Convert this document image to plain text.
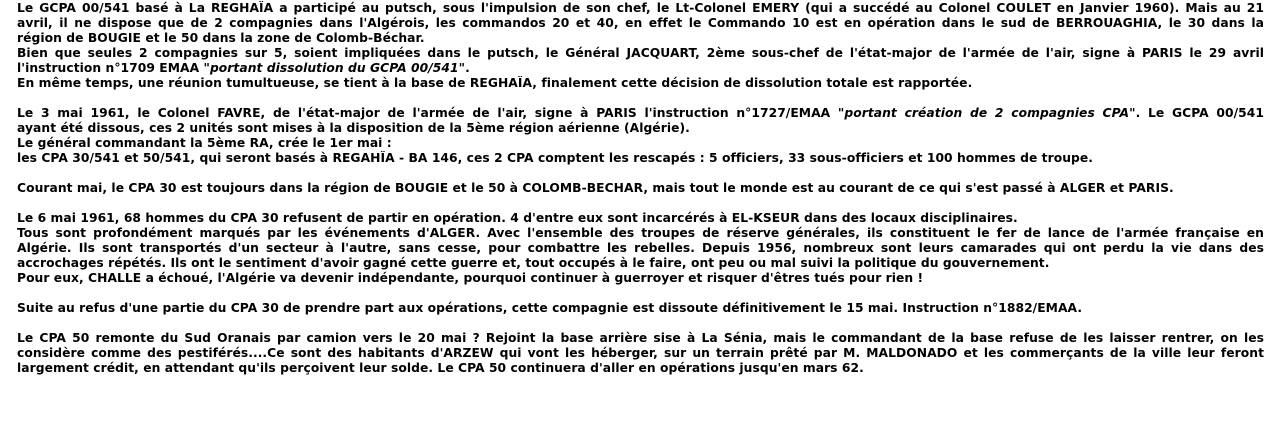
Le GCPA 00/541 basé à La REGHAÏA a participé au putsch, sous l'impulsion de son chef, le Lt-Colonel EMERY (qui a succédé au Colonel COULET en Janvier 1960). Mais au 21
avril, il ne dispose que de 2 compagnies dans l'Algérois, les commandos 20 et 40, en effet le Commando 10 est en opération dans le sud de BERROUAGHIA, le 30 dans la
région de BOUGIE et le 50 dans la zone de Colomb-Béchar.
Bien que seules 2 compagnies sur 5, soient impliquées dans le putsch, le Général JACQUART, 2ème sous-chef de l'état-major de l'armée de l'air, signe à PARIS le 29 avril
l'instruction n°1709 EMAA "portant dissolution du GCPA 00/541".
En même temps, une réunion tumultueuse, se tient à la base de REGHAÏA, finalement cette décision de dissolution totale est rapportée.
Le 3 mai 1961, le Colonel FAVRE, de l'état-major de l'armée de l'air, signe à PARIS l'instruction n°1727/EMAA "portant création de 2 compagnies CPA". Le GCPA 00/541
ayant été dissous, ces 2 unités sont mises à la disposition de la 5ème région aérienne (Algérie).
Le général commandant la 5ème RA, crée le 1er mai :
les CPA 30/541 et 50/541, qui seront basés à REGAHÏA - BA 146, ces 2 CPA comptent les rescapés : 5 officiers, 33 sous-officiers et 100 hommes de troupe.
Courant mai, le CPA 30 est toujours dans la région de BOUGIE et le 50 à COLOMB-BECHAR, mais tout le monde est au courant de ce qui s'est passé à ALGER et PARIS.
Le 6 mai 1961, 68 hommes du CPA 30 refusent de partir en opération. 4 d'entre eux sont incarcérés à EL-KSEUR dans des locaux disciplinaires.
Tous sont profondément marqués par les événements d'ALGER. Avec l'ensemble des troupes de réserve générales, ils constituent le fer de lance de l'armée française en
Algérie. Ils sont transportés d'un secteur à l'autre, sans cesse, pour combattre les rebelles. Depuis 1956, nombreux sont leurs camarades qui ont perdu la vie dans des
accrochages répétés. Ils ont le sentiment d'avoir gagné cette guerre et, tout occupés à le faire, ont peu ou mal suivi la politique du gouvernement.
Pour eux, CHALLE a échoué, l'Algérie va devenir indépendante, pourquoi continuer à guerroyer et risquer d'êtres tués pour rien !
Suite au refus d'une partie du CPA 30 de prendre part aux opérations, cette compagnie est dissoute définitivement le 15 mai. Instruction n°1882/EMAA.
Le CPA 50 remonte du Sud Oranais par camion vers le 20 mai ? Rejoint la base arrière sise à La Sénia, mais le commandant de la base refuse de les laisser rentrer, on les
considère comme des pestiférés....Ce sont des habitants d'ARZEW qui vont les héberger, sur un terrain prêté par M. MALDONADO et les commerçants de la ville leur feront
largement crédit, en attendant qu'ils perçoivent leur solde. Le CPA 50 continuera d'aller en opérations jusqu'en mars 62.
